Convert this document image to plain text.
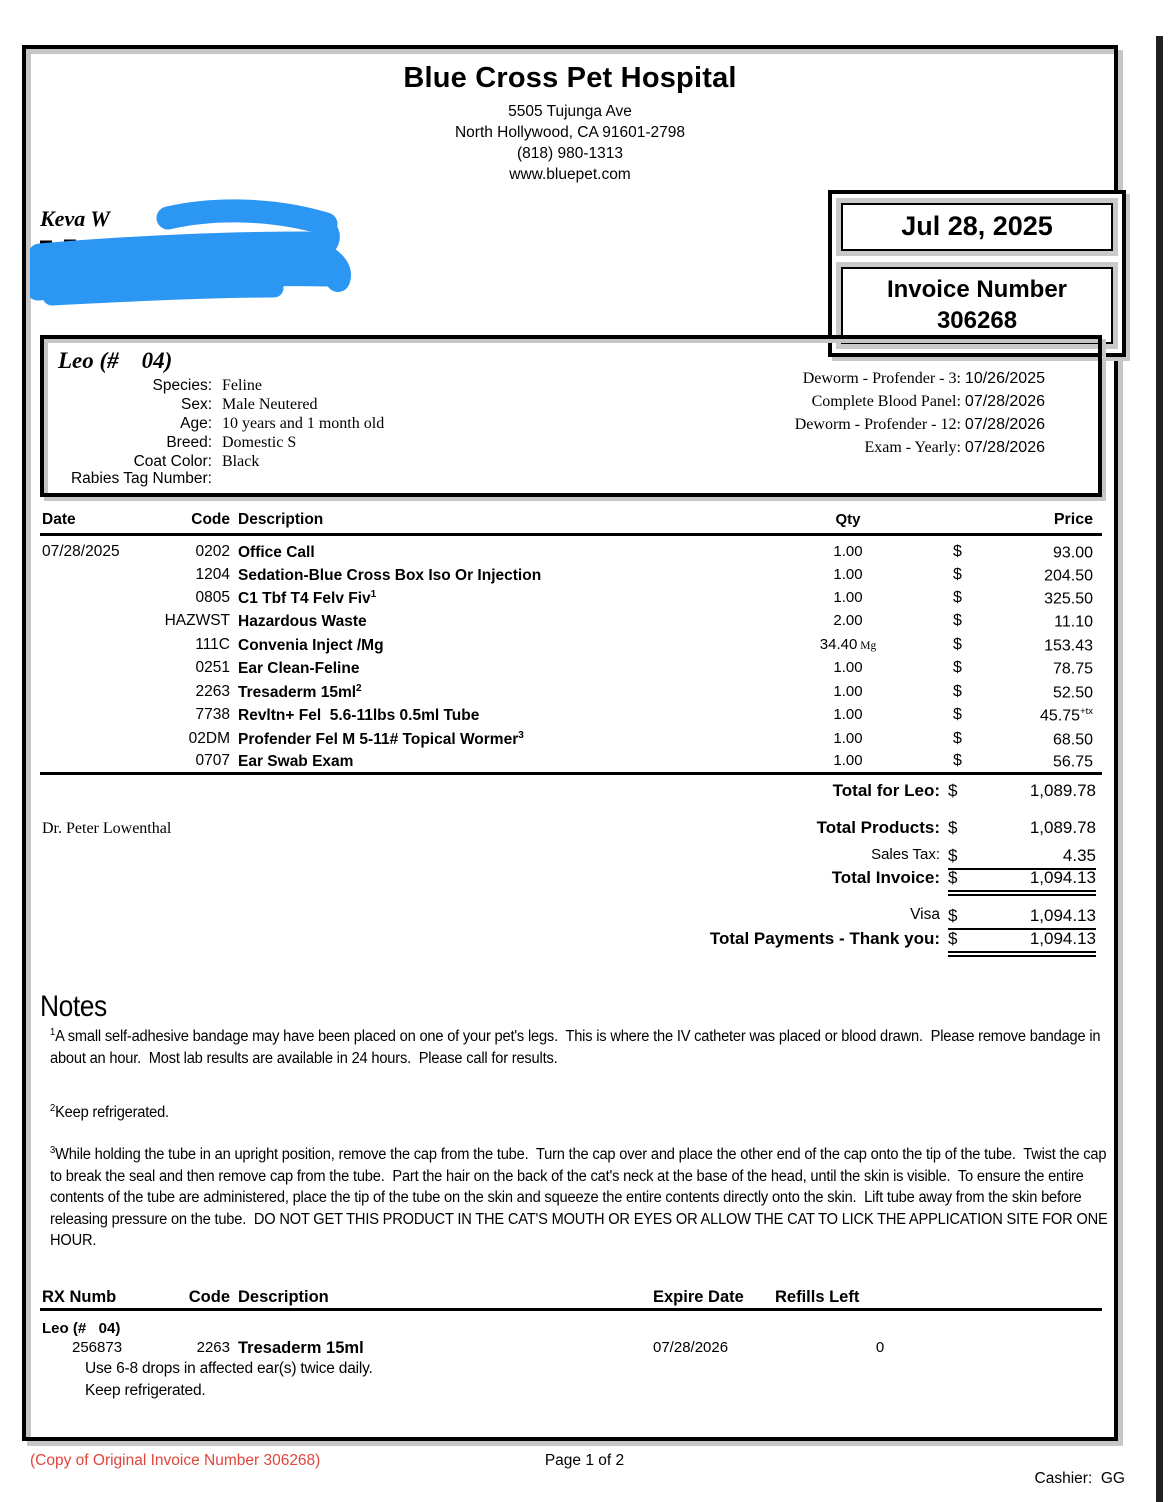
Blue Cross Pet Hospital
5505 Tujunga Ave
North Hollywood, CA 91601-2798
(818) 980-1313
www.bluepet.com
Keva W	Jul 28, 2025
Invoice Number
306268
Leo (#    04)
Species: Feline
Sex: Male Neutered
Age: 10 years and 1 month old
Breed: Domestic S
Coat Color: Black
Rabies Tag Number:

Deworm - Profender - 3: 10/26/2025

Complete Blood Panel: 07/28/2026

Deworm - Profender - 12: 07/28/2026

Exam - Yearly: 07/28/2026

Date	Code Description	Qty	Price
07/28/2025	0202 Office Call	1.00	$	93.00
1204 Sedation-Blue Cross Box Iso Or Injection	1.00	$	204.50
0805 C1 Tbf T4 Felv Fiv$^1$	1.00	$	325.50
HAZWST Hazardous Waste	2.00	$	11.10
111C Convenia Inject /Mg	34.40 Mg	$	153.43
0251 Ear Clean-Feline	1.00	$	78.75
2263 Tresaderm $15ml^2$	1.00	$	52.50
7738 Revltn+ Fel  5.6-11lbs 0.5ml Tube	1.00	$	$45.75^{+tx}$
02DM Profender Fel M 5-11# Topical Wormer$^3$	1.00	$	68.50
0707 Ear Swab Exam	1.00	$	56.75
Total for Leo: $	1,089.78
Total Products: $	1,089.78
Sales Tax: $	4.35
Total Invoice: $	1,094.13
Visa $	1,094.13
Total Payments - Thank you: $	1,094.13
Dr. Peter Lowenthal
Notes
$^1$A small self-adhesive bandage may have been placed on one of your pet's legs.  This is where the IV catheter was placed or blood drawn.  Please remove bandage in about an hour.  Most lab results are available in 24 hours.  Please call for results.
$^2$Keep refrigerated.
$^3$While holding the tube in an upright position, remove the cap from the tube.  Turn the cap over and place the other end of the cap onto the tip of the tube.  Twist the cap to break the seal and then remove cap from the tube.  Part the hair on the back of the cat's neck at the base of the head, until the skin is visible.  To ensure the entire contents of the tube are administered, place the tip of the tube on the skin and squeeze the entire contents directly onto the skin.  Lift tube away from the skin before releasing pressure on the tube.  DO NOT GET THIS PRODUCT IN THE CAT'S MOUTH OR EYES OR ALLOW THE CAT TO LICK THE APPLICATION SITE FOR ONE HOUR.
RX Numb	Code Description	Expire Date Refills Left
Leo (#   04)
256873	2263 Tresaderm 15ml	07/28/2026	0
Use 6-8 drops in affected ear(s) twice daily.
Keep refrigerated.
(Copy of Original Invoice Number 306268)	Page 1 of 2

Cashier:  GG
